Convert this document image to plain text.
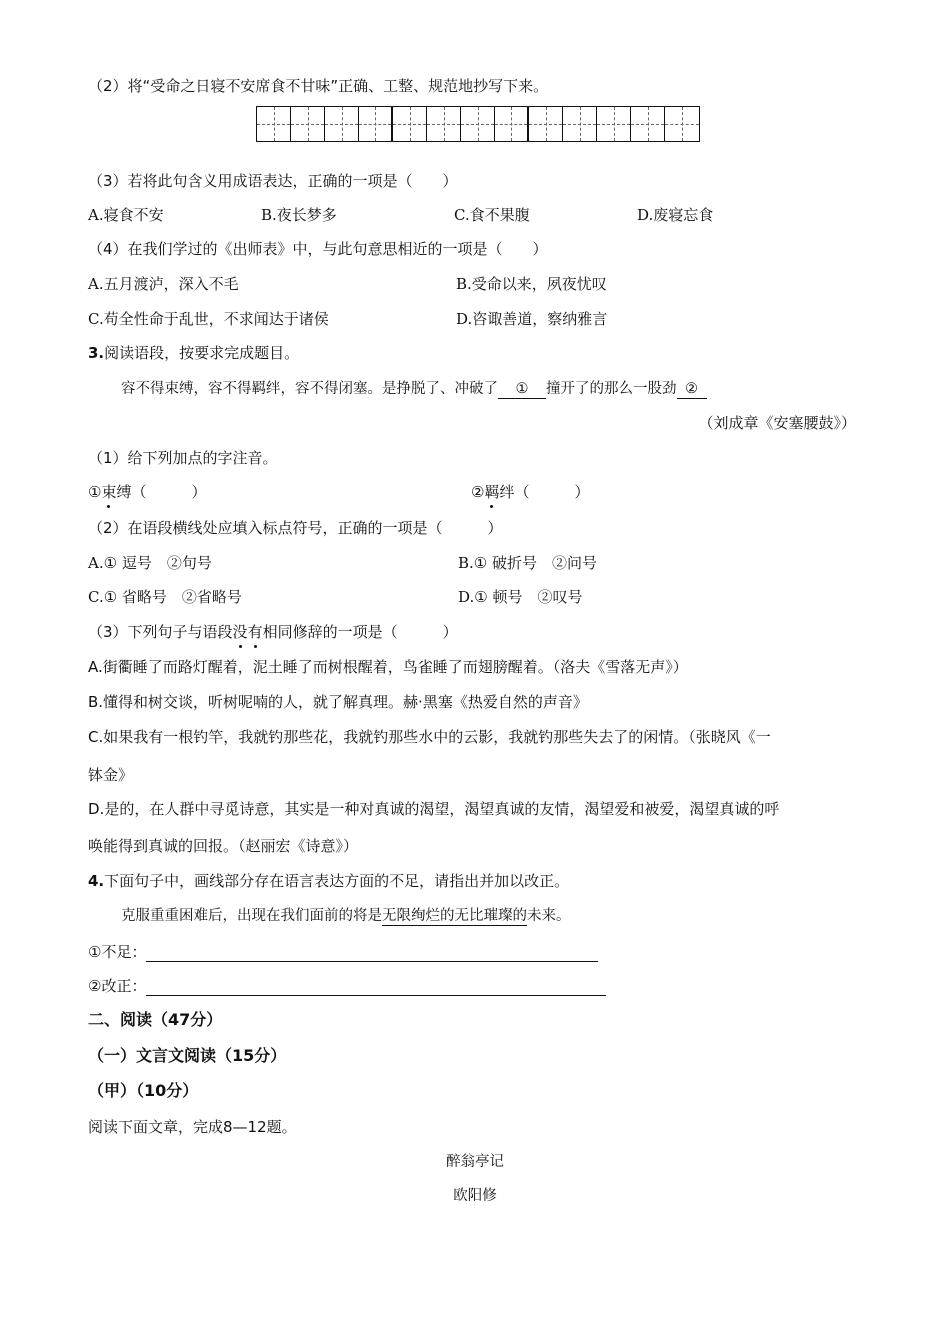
（2）将“受命之日寝不安席食不甘味”正确、工整、规范地抄写下来。
（3）若将此句含义用成语表达，正确的一项是（　　）
A.寝食不安	B.夜长梦多	C.食不果腹	D.废寝忘食
（4）在我们学过的《出师表》中，与此句意思相近的一项是（　　）
A.五月渡泸，深入不毛	B.受命以来，夙夜忧叹
C.苟全性命于乱世，不求闻达于诸侯	D.咨诹善道，察纳雅言
3.阅读语段，按要求完成题目。
容不得束缚，容不得羁绊，容不得闭塞。是挣脱了、冲破了 ① 撞开了的那么一股劲 ②
（刘成章《安塞腰鼓》）
（1）给下列加点的字注音。
①束缚（　　　）	②羁绊（　　　）
（2）在语段横线处应填入标点符号，正确的一项是（　　　）
A.① 逗号　②句号	B.① 破折号　②问号
C.① 省略号　②省略号	D.① 顿号　②叹号
（3）下列句子与语段没有相同修辞的一项是（　　　）
A.街衢睡了而路灯醒着，泥土睡了而树根醒着，鸟雀睡了而翅膀醒着。（洛夫《雪落无声》）
B.懂得和树交谈，听树呢喃的人，就了解真理。赫·黑塞《热爱自然的声音》
C.如果我有一根钓竿，我就钓那些花，我就钓那些水中的云影，我就钓那些失去了的闲情。（张晓风《一
钵金》
D.是的，在人群中寻觅诗意，其实是一种对真诚的渴望，渴望真诚的友情，渴望爱和被爱，渴望真诚的呼
唤能得到真诚的回报。（赵丽宏《诗意》）
4.下面句子中，画线部分存在语言表达方面的不足，请指出并加以改正。
克服重重困难后，出现在我们面前的将是无限绚烂的无比璀璨的未来。
①不足：
②改正：
二、阅读（47分）
（一）文言文阅读（15分）
（甲）（10分）
阅读下面文章，完成8—12题。
醉翁亭记
欧阳修
